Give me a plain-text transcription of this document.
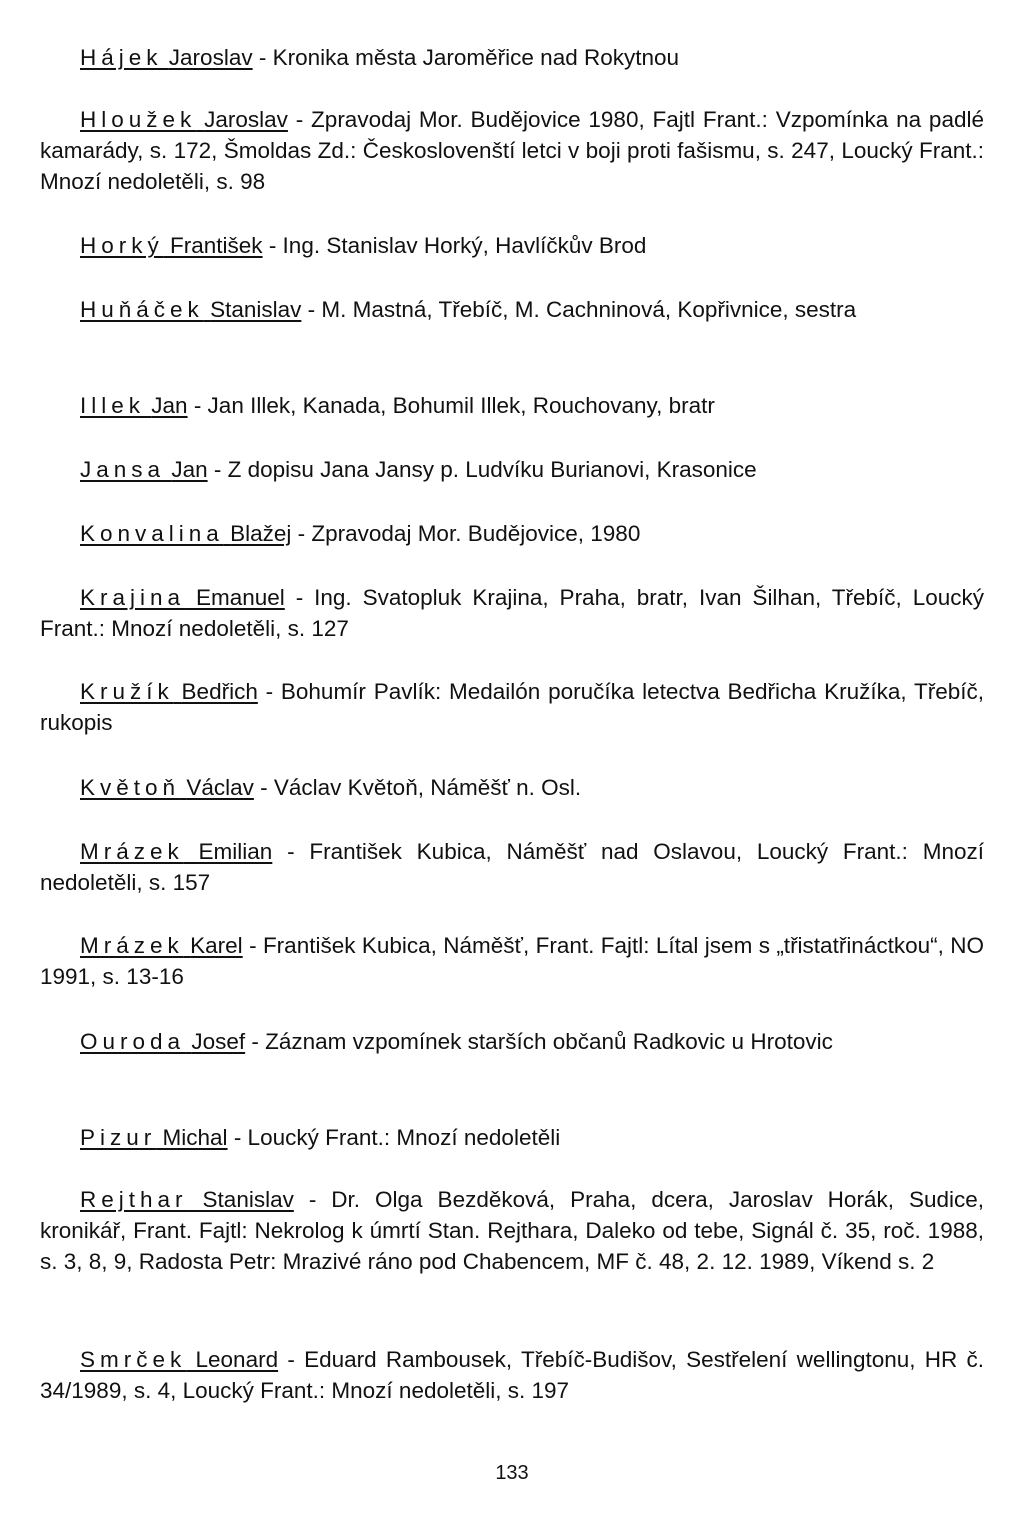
Hájek Jaroslav - Kronika města Jaroměřice nad Rokytnou

Hloužek Jaroslav - Zpravodaj Mor. Budějovice 1980, Fajtl Frant.: Vzpomínka na padlé kamarády, s. 172, Šmoldas Zd.: Českoslovenští letci v boji proti fašismu, s. 247, Loucký Frant.: Mnozí nedoletěli, s. 98

Horký František - Ing. Stanislav Horký, Havlíčkův Brod

Huňáček Stanislav - M. Mastná, Třebíč, M. Cachninová, Kopřivnice, sestra

Illek Jan - Jan Illek, Kanada, Bohumil Illek, Rouchovany, bratr

Jansa Jan - Z dopisu Jana Jansy p. Ludvíku Burianovi, Krasonice

Konvalina Blažej - Zpravodaj Mor. Budějovice, 1980

Krajina Emanuel - Ing. Svatopluk Krajina, Praha, bratr, Ivan Šilhan, Třebíč, Loucký Frant.: Mnozí nedoletěli, s. 127

Kružík Bedřich - Bohumír Pavlík: Medailón poručíka letectva Bedřicha Kružíka, Třebíč, rukopis

Květoň Václav - Václav Květoň, Náměšť n. Osl.

Mrázek Emilian - František Kubica, Náměšť nad Oslavou, Loucký Frant.: Mnozí nedoletěli, s. 157

Mrázek Karel - František Kubica, Náměšť, Frant. Fajtl: Lítal jsem s „třistatřináctkou“, NO 1991, s. 13-16

Ouroda Josef - Záznam vzpomínek starších občanů Radkovic u Hrotovic

Pizur Michal - Loucký Frant.: Mnozí nedoletěli

Rejthar Stanislav - Dr. Olga Bezděková, Praha, dcera, Jaroslav Horák, Sudice, kronikář, Frant. Fajtl: Nekrolog k úmrtí Stan. Rejthara, Daleko od tebe, Signál č. 35, roč. 1988, s. 3, 8, 9, Radosta Petr: Mrazivé ráno pod Chabencem, MF č. 48, 2. 12. 1989, Víkend s. 2

Smrček Leonard - Eduard Rambousek, Třebíč-Budišov, Sestřelení wellingtonu, HR č. 34/1989, s. 4, Loucký Frant.: Mnozí nedoletěli, s. 197

133
